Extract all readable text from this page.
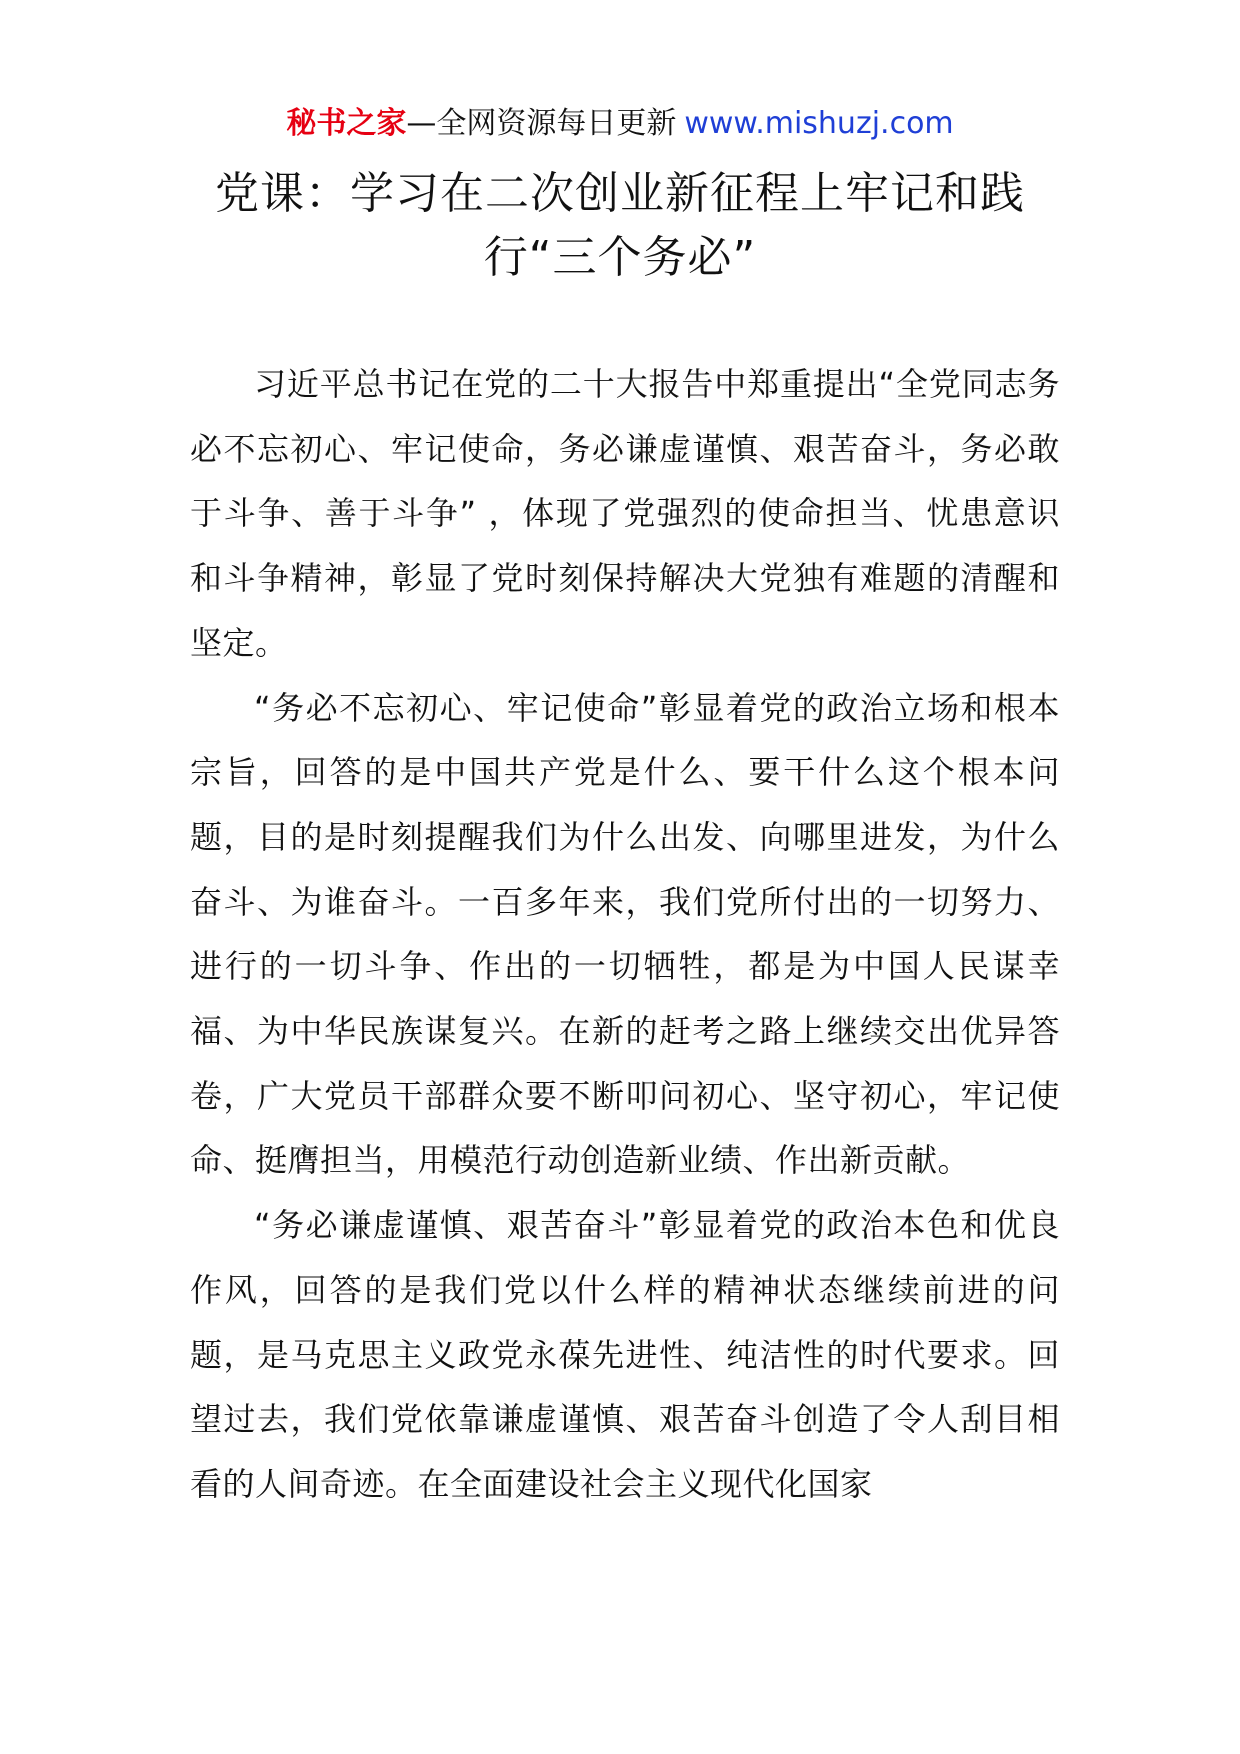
秘书之家—全网资源每日更新 www.mishuzj.com
党课：学习在二次创业新征程上牢记和践
行“三个务必”

习近平总书记在党的二十大报告中郑重提出“全党同志务必不忘初心、牢记使命，务必谦虚谨慎、艰苦奋斗，务必敢于斗争、善于斗争” ，体现了党强烈的使命担当、忧患意识和斗争精神，彰显了党时刻保持解决大党独有难题的清醒和坚定。

“务必不忘初心、牢记使命”彰显着党的政治立场和根本宗旨，回答的是中国共产党是什么、要干什么这个根本问题，目的是时刻提醒我们为什么出发、向哪里进发，为什么奋斗、为谁奋斗。一百多年来，我们党所付出的一切努力、进行的一切斗争、作出的一切牺牲，都是为中国人民谋幸福、为中华民族谋复兴。在新的赶考之路上继续交出优异答卷，广大党员干部群众要不断叩问初心、坚守初心，牢记使命、挺膺担当，用模范行动创造新业绩、作出新贡献。

“务必谦虚谨慎、艰苦奋斗”彰显着党的政治本色和优良作风，回答的是我们党以什么样的精神状态继续前进的问题，是马克思主义政党永葆先进性、纯洁性的时代要求。回望过去，我们党依靠谦虚谨慎、艰苦奋斗创造了令人刮目相看的人间奇迹。在全面建设社会主义现代化国家
